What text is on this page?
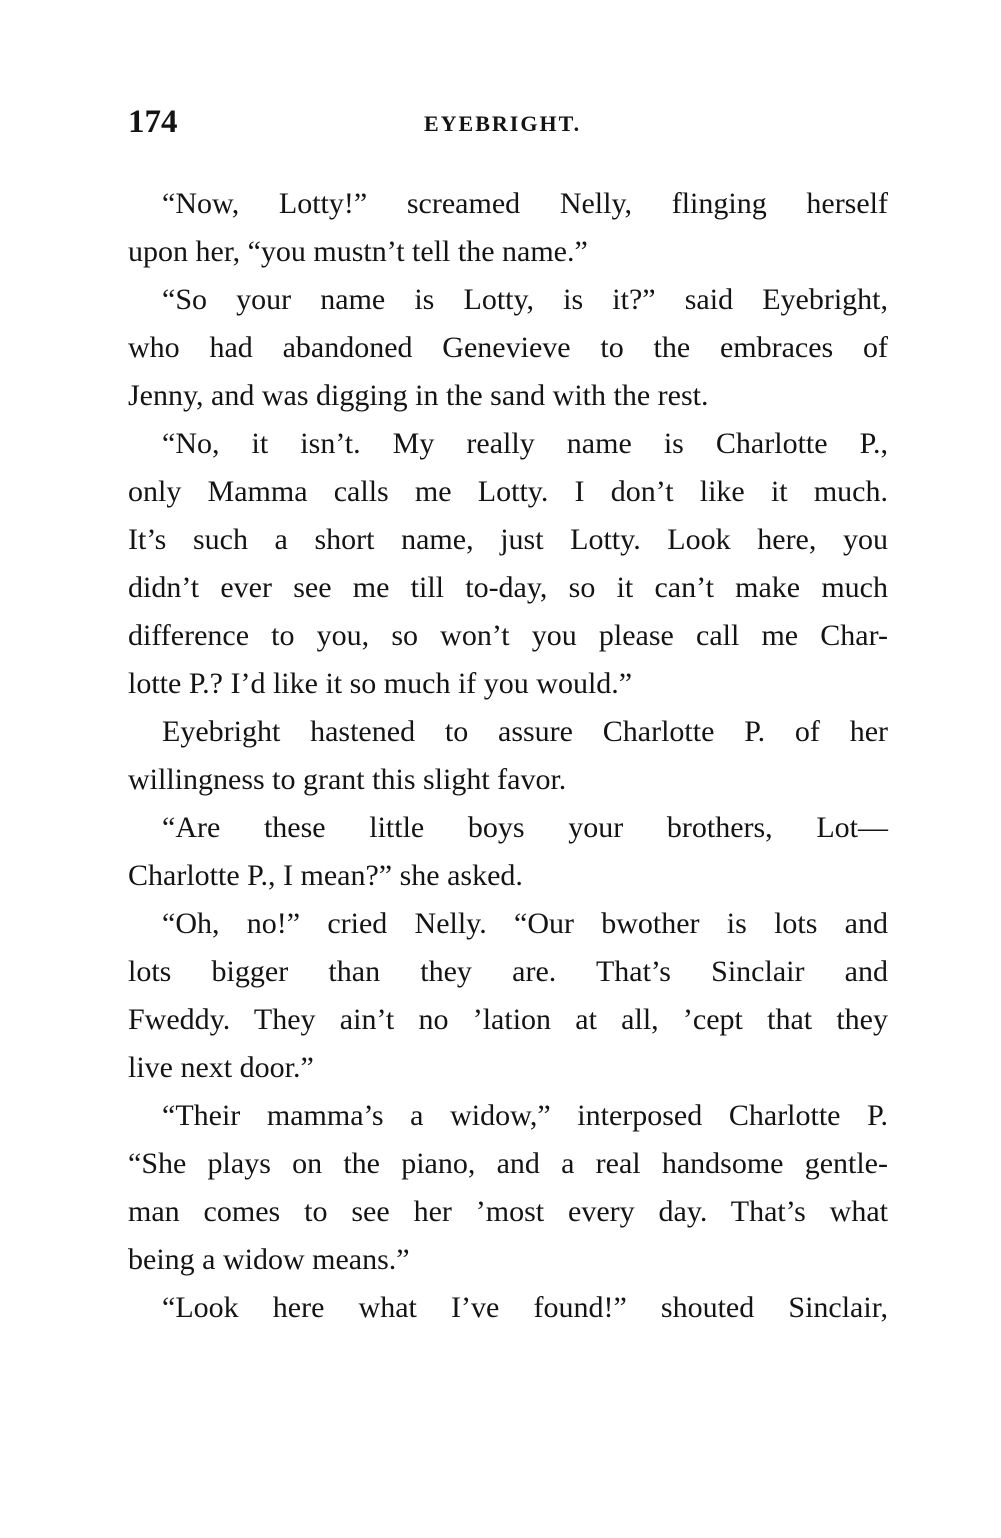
174	EYEBRIGHT.
“Now, Lotty!” screamed Nelly, flinging herself
upon her, “you mustn’t tell the name.”
“So your name is Lotty, is it?” said Eyebright,
who had abandoned Genevieve to the embraces of
Jenny, and was digging in the sand with the rest.
“No, it isn’t. My really name is Charlotte P.,
only Mamma calls me Lotty. I don’t like it much.
It’s such a short name, just Lotty. Look here, you
didn’t ever see me till to-day, so it can’t make much
difference to you, so won’t you please call me Char-
lotte P.? I’d like it so much if you would.”
Eyebright hastened to assure Charlotte P. of her
willingness to grant this slight favor.
“Are these little boys your brothers, Lot—
Charlotte P., I mean?” she asked.
“Oh, no!” cried Nelly. “Our bwother is lots and
lots bigger than they are. That’s Sinclair and
Fweddy. They ain’t no ’lation at all, ’cept that they
live next door.”
“Their mamma’s a widow,” interposed Charlotte P.
“She plays on the piano, and a real handsome gentle-
man comes to see her ’most every day. That’s what
being a widow means.”
“Look here what I’ve found!” shouted Sinclair,
